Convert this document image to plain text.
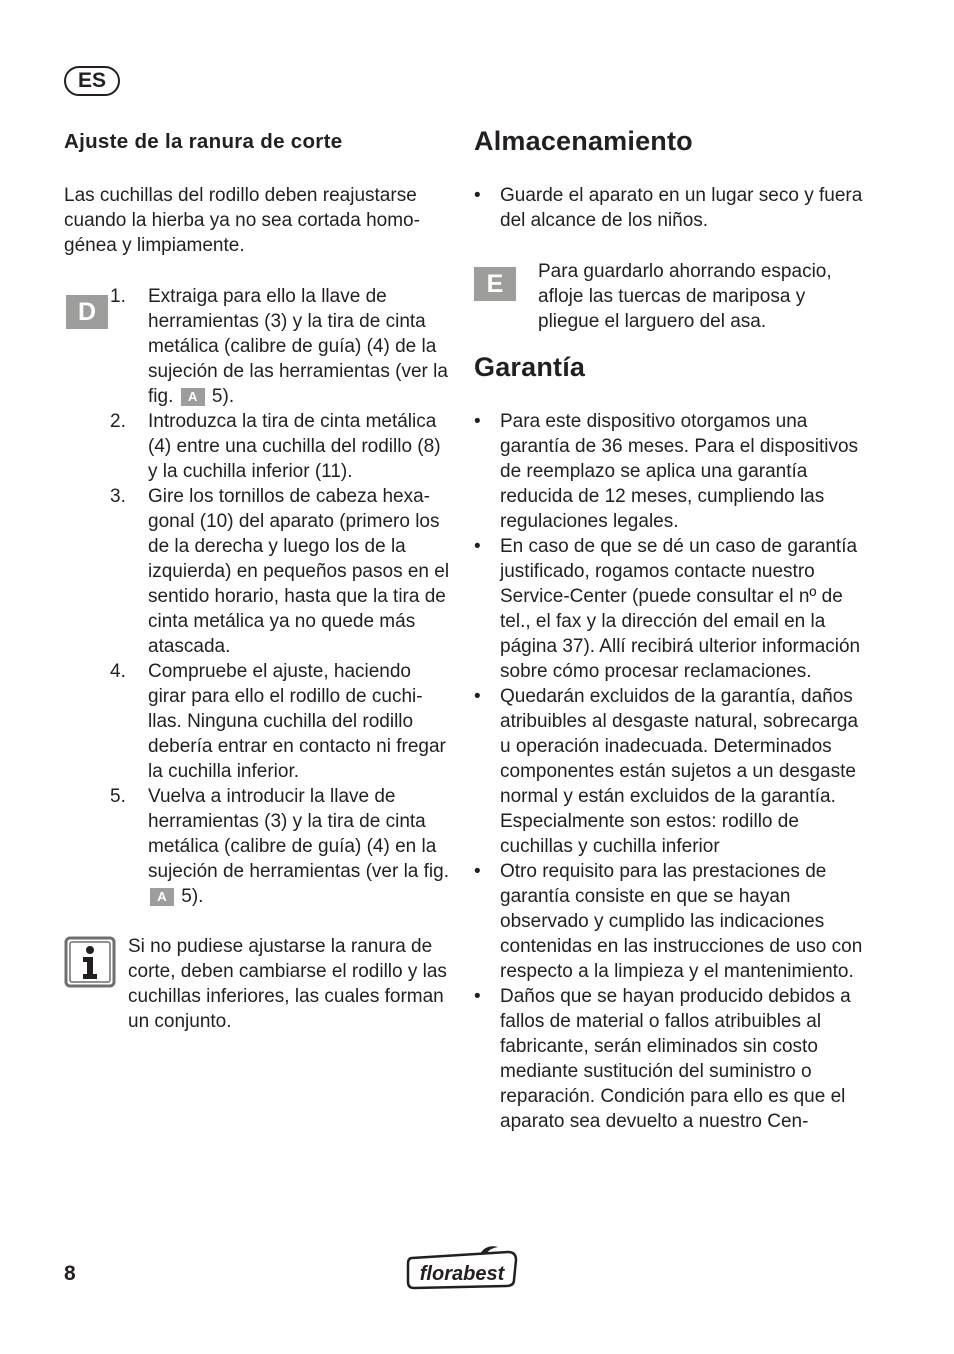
ES
Ajuste de la ranura de corte

Las cuchillas del rodillo deben reajustarse cuando la hierba ya no sea cortada homogénea y limpiamente.

D
1. Extraiga para ello la llave de herramientas (3) y la tira de cinta metálica (calibre de guía) (4) de la sujeción de las herramientas (ver la fig. A 5).
2. Introduzca la tira de cinta metálica (4) entre una cuchilla del rodillo (8) y la cuchilla inferior (11).
3. Gire los tornillos de cabeza hexagonal (10) del aparato (primero los de la derecha y luego los de la izquierda) en pequeños pasos en el sentido horario, hasta que la tira de cinta metálica ya no quede más atascada.
4. Compruebe el ajuste, haciendo girar para ello el rodillo de cuchillas. Ninguna cuchilla del rodillo debería entrar en contacto ni fregar la cuchilla inferior.
5. Vuelva a introducir la llave de herramientas (3) y la tira de cinta metálica (calibre de guía) (4) en la sujeción de herramientas (ver la fig. A 5).

Si no pudiese ajustarse la ranura de corte, deben cambiarse el rodillo y las cuchillas inferiores, las cuales forman un conjunto.

Almacenamiento
• Guarde el aparato en un lugar seco y fuera del alcance de los niños.
E	Para guardarlo ahorrando espacio, afloje las tuercas de mariposa y pliegue el larguero del asa.

Garantía
• Para este dispositivo otorgamos una garantía de 36 meses. Para el dispositivos de reemplazo se aplica una garantía reducida de 12 meses, cumpliendo las regulaciones legales.
• En caso de que se dé un caso de garantía justificado, rogamos contacte nuestro Service-Center (puede consultar el nº de tel., el fax y la dirección del email en la página 37). Allí recibirá ulterior información sobre cómo procesar reclamaciones.
• Quedarán excluidos de la garantía, daños atribuibles al desgaste natural, sobrecarga u operación inadecuada. Determinados componentes están sujetos a un desgaste normal y están excluidos de la garantía. Especialmente son estos: rodillo de cuchillas y cuchilla inferior
• Otro requisito para las prestaciones de garantía consiste en que se hayan observado y cumplido las indicaciones contenidas en las instrucciones de uso con respecto a la limpieza y el mantenimiento.
• Daños que se hayan producido debidos a fallos de material o fallos atribuibles al fabricante, serán eliminados sin costo mediante sustitución del suministro o reparación. Condición para ello es que el aparato sea devuelto a nuestro Cen-
8	florabest
